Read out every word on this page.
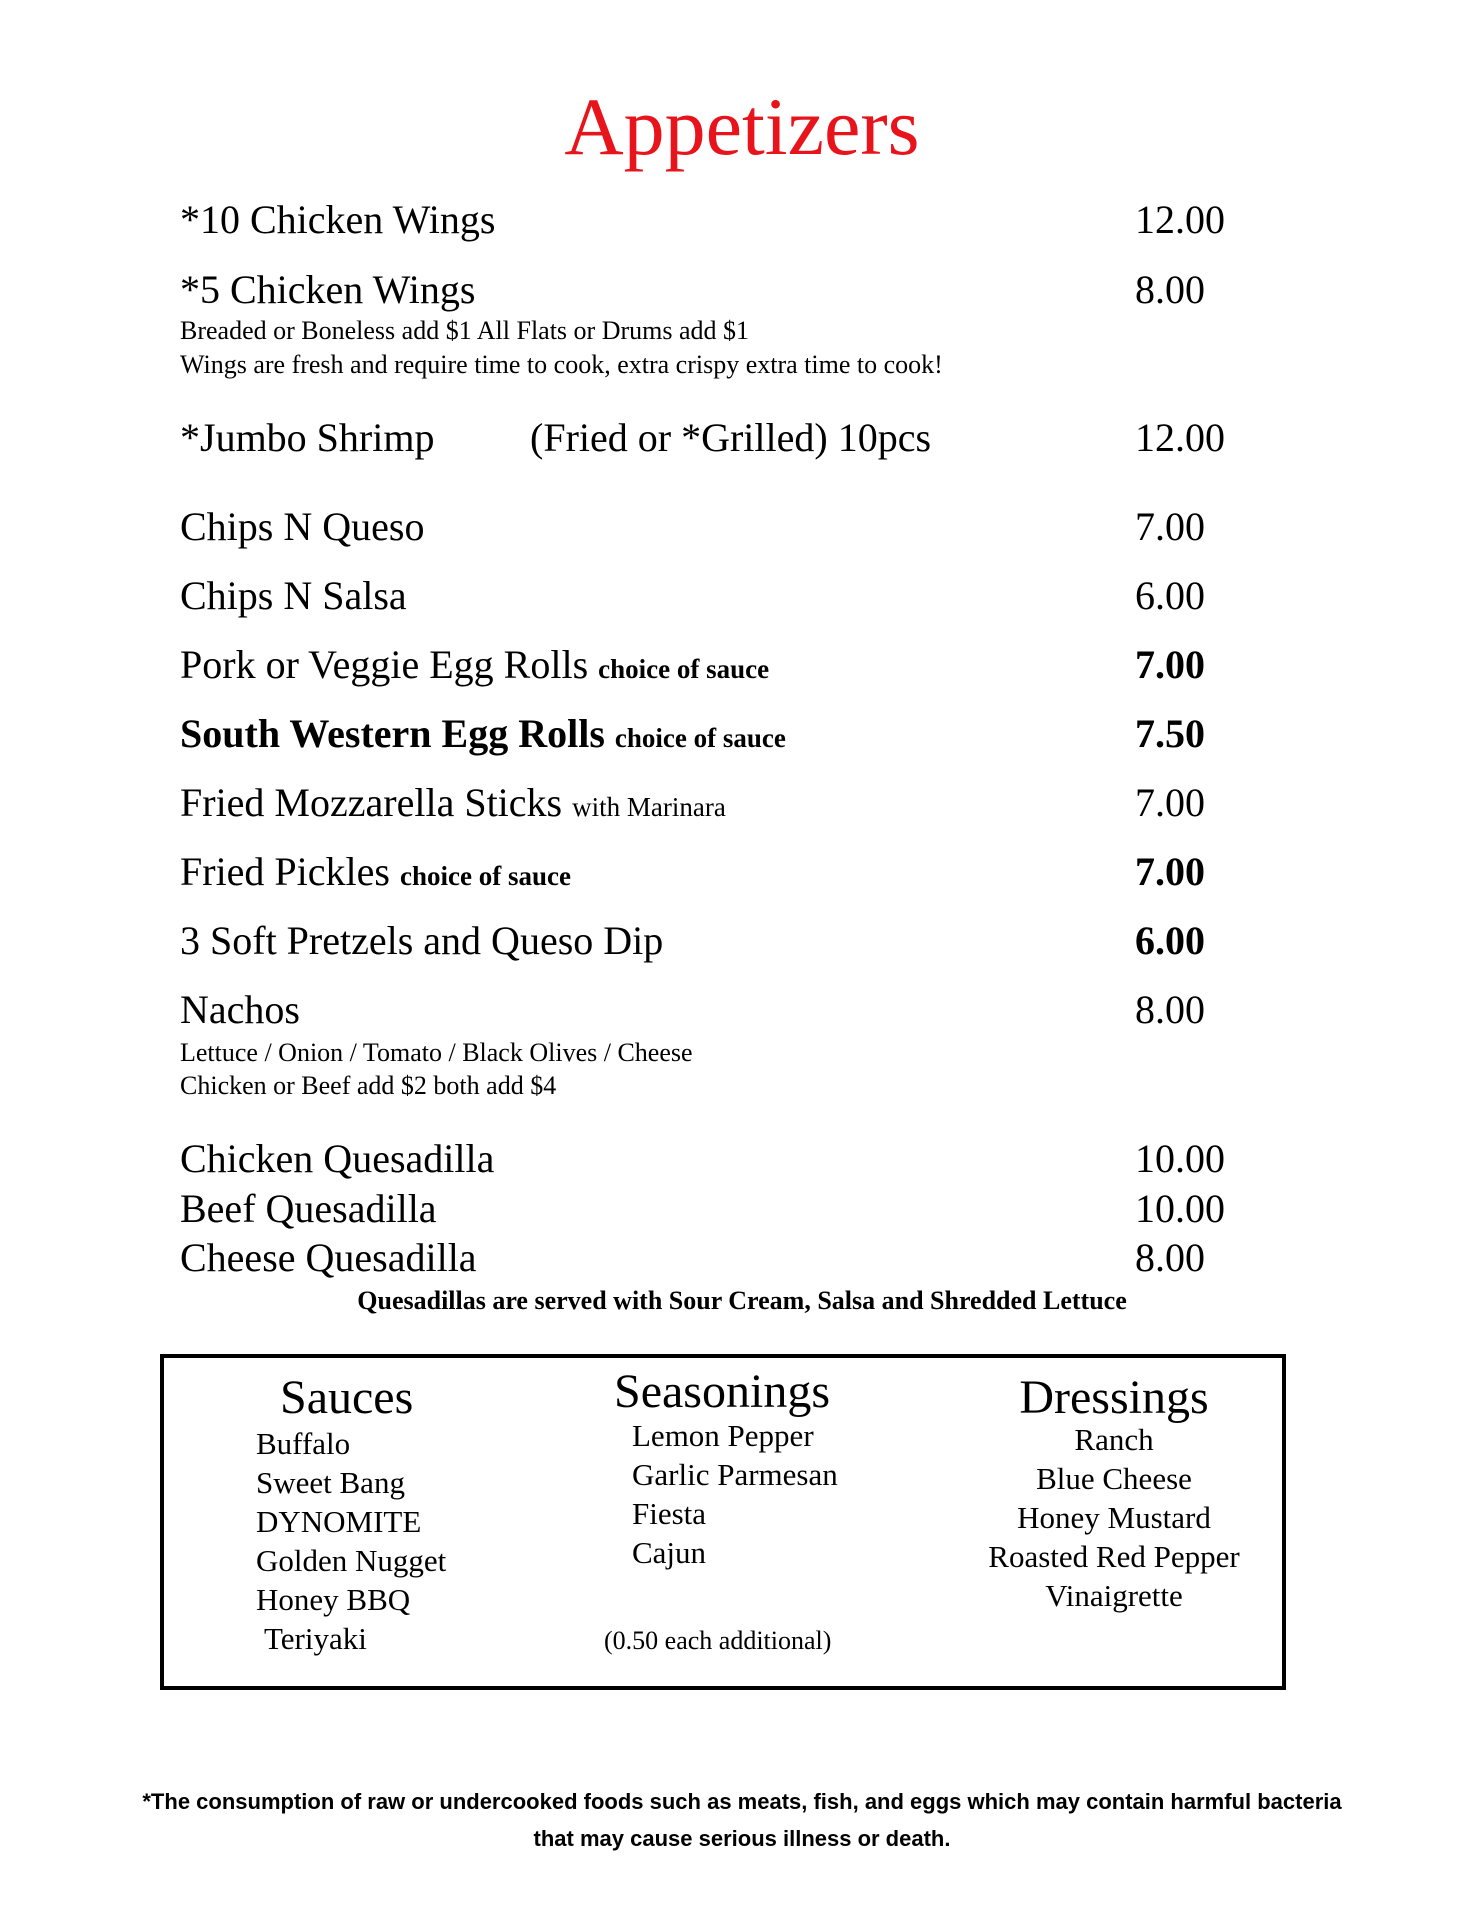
Appetizers
*10 Chicken Wings	12.00
*5 Chicken Wings	8.00
Breaded or Boneless add $1 All Flats or Drums add $1
Wings are fresh and require time to cook, extra crispy extra time to cook!
*Jumbo Shrimp (Fried or *Grilled) 10pcs	12.00
Chips N Queso	7.00
Chips N Salsa	6.00
Pork or Veggie Egg Rolls choice of sauce	7.00
South Western Egg Rolls choice of sauce	7.50
Fried Mozzarella Sticks with Marinara	7.00
Fried Pickles choice of sauce	7.00
3 Soft Pretzels and Queso Dip	6.00
Nachos	8.00
Lettuce / Onion / Tomato / Black Olives / Cheese
Chicken or Beef add $2 both add $4
Chicken Quesadilla	10.00
Beef Quesadilla	10.00
Cheese Quesadilla	8.00
Quesadillas are served with Sour Cream, Salsa and Shredded Lettuce
Sauces
Buffalo
Sweet Bang
DYNOMITE
Golden Nugget
Honey BBQ
Teriyaki
Seasonings
Lemon Pepper
Garlic Parmesan
Fiesta
Cajun
(0.50 each additional)
Dressings
Ranch
Blue Cheese
Honey Mustard
Roasted Red Pepper
Vinaigrette
*The consumption of raw or undercooked foods such as meats, fish, and eggs which may contain harmful bacteria
that may cause serious illness or death.
